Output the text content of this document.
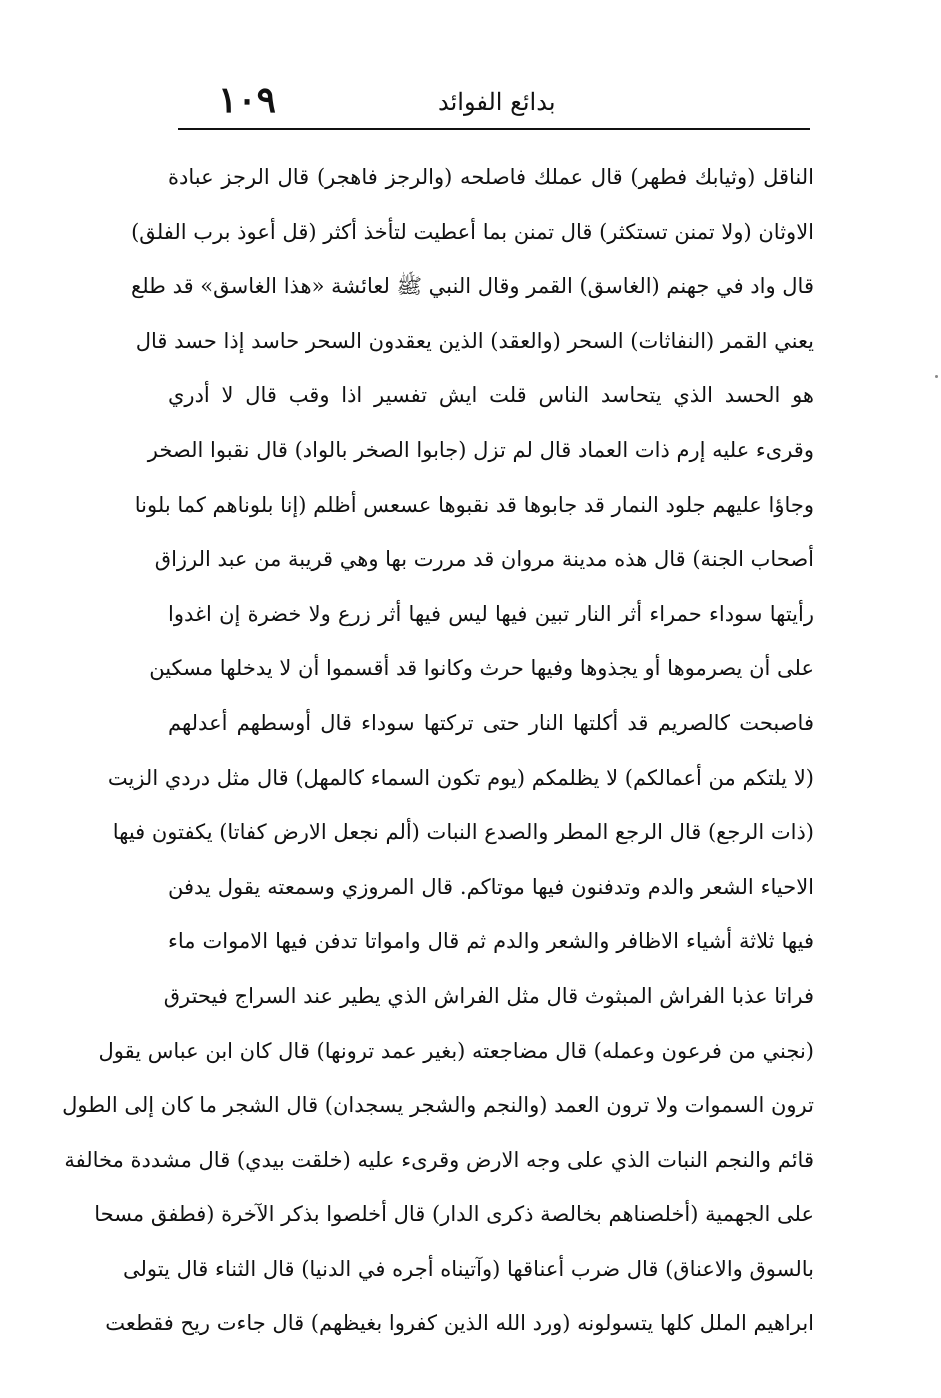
١٠٩	بدائع الفوائد
الناقل (وثيابك فطهر) قال عملك فاصلحه (والرجز فاهجر) قال الرجز عبادة
الاوثان (ولا تمنن تستكثر) قال تمنن بما أعطيت لتأخذ أكثر (قل أعوذ برب الفلق)
قال واد في جهنم (الغاسق) القمر وقال النبي ﷺ لعائشة «هذا الغاسق» قد طلع
يعني القمر (النفاثات) السحر (والعقد) الذين يعقدون السحر حاسد إذا حسد قال
هو الحسد الذي يتحاسد الناس قلت ايش تفسير اذا وقب قال لا أدري
وقرىء عليه إرم ذات العماد قال لم تزل (جابوا الصخر بالواد) قال نقبوا الصخر
وجاؤا عليهم جلود النمار قد جابوها قد نقبوها عسعس أظلم (إنا بلوناهم كما بلونا
أصحاب الجنة) قال هذه مدينة مروان قد مررت بها وهي قريبة من عبد الرزاق
رأيتها سوداء حمراء أثر النار تبين فيها ليس فيها أثر زرع ولا خضرة إن اغدوا
على أن يصرموها أو يجذوها وفيها حرث وكانوا قد أقسموا أن لا يدخلها مسكين
فاصبحت كالصريم قد أكلتها النار حتى تركتها سوداء قال أوسطهم أعدلهم
(لا يلتكم من أعمالكم) لا يظلمكم (يوم تكون السماء كالمهل) قال مثل دردي الزيت
(ذات الرجع) قال الرجع المطر والصدع النبات (ألم نجعل الارض كفاتا) يكفتون فيها
الاحياء الشعر والدم وتدفنون فيها موتاكم. قال المروزي وسمعته يقول يدفن
فيها ثلاثة أشياء الاظافر والشعر والدم ثم قال وامواتا تدفن فيها الاموات ماء
فراتا عذبا الفراش المبثوث قال مثل الفراش الذي يطير عند السراج فيحترق
(نجني من فرعون وعمله) قال مضاجعته (بغير عمد ترونها) قال كان ابن عباس يقول
ترون السموات ولا ترون العمد (والنجم والشجر يسجدان) قال الشجر ما كان إلى الطول
قائم والنجم النبات الذي على وجه الارض وقرىء عليه (خلقت بيدي) قال مشددة مخالفة
على الجهمية (أخلصناهم بخالصة ذكرى الدار) قال أخلصوا بذكر الآخرة (فطفق مسحا
بالسوق والاعناق) قال ضرب أعناقها (وآتيناه أجره في الدنيا) قال الثناء قال يتولى
ابراهيم الملل كلها يتسولونه (ورد الله الذين كفروا بغيظهم) قال جاءت ريح فقطعت
